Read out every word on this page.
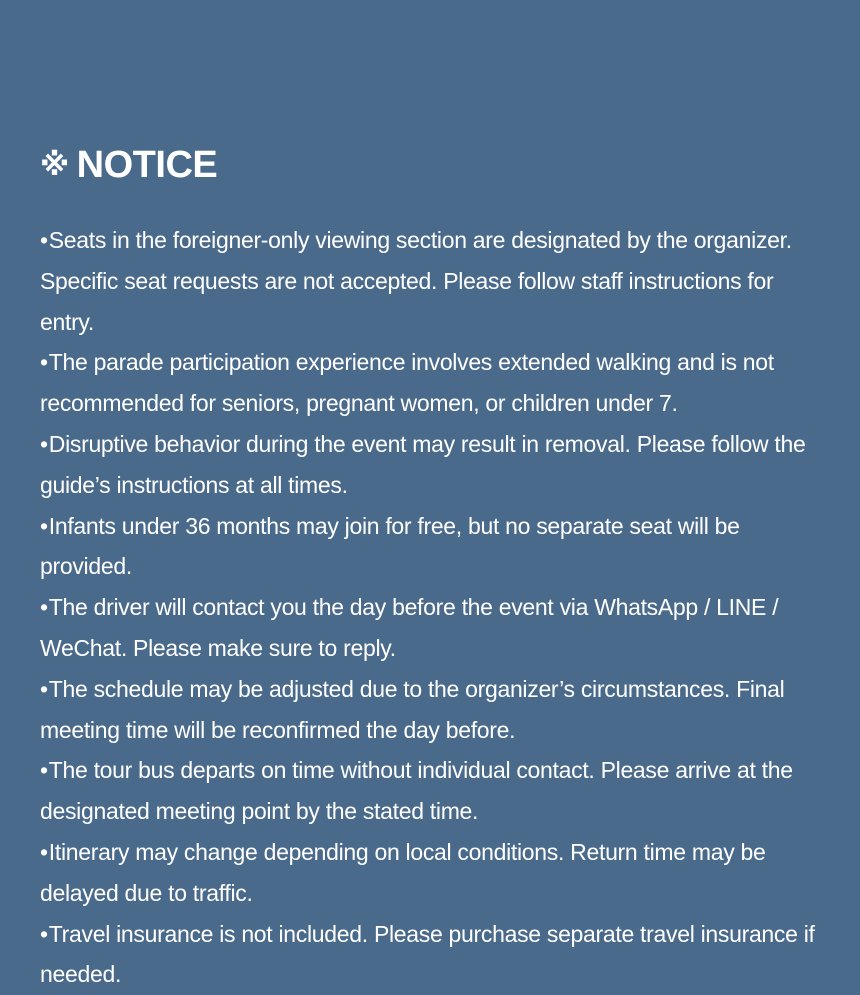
※ NOTICE
•Seats in the foreigner-only viewing section are designated by the organizer. Specific seat requests are not accepted. Please follow staff instructions for entry.
•The parade participation experience involves extended walking and is not recommended for seniors, pregnant women, or children under 7.
•Disruptive behavior during the event may result in removal. Please follow the guide’s instructions at all times.
•Infants under 36 months may join for free, but no separate seat will be provided.
•The driver will contact you the day before the event via WhatsApp / LINE / WeChat. Please make sure to reply.
•The schedule may be adjusted due to the organizer’s circumstances. Final meeting time will be reconfirmed the day before.
•The tour bus departs on time without individual contact. Please arrive at the designated meeting point by the stated time.
•Itinerary may change depending on local conditions. Return time may be delayed due to traffic.
•Travel insurance is not included. Please purchase separate travel insurance if needed.
